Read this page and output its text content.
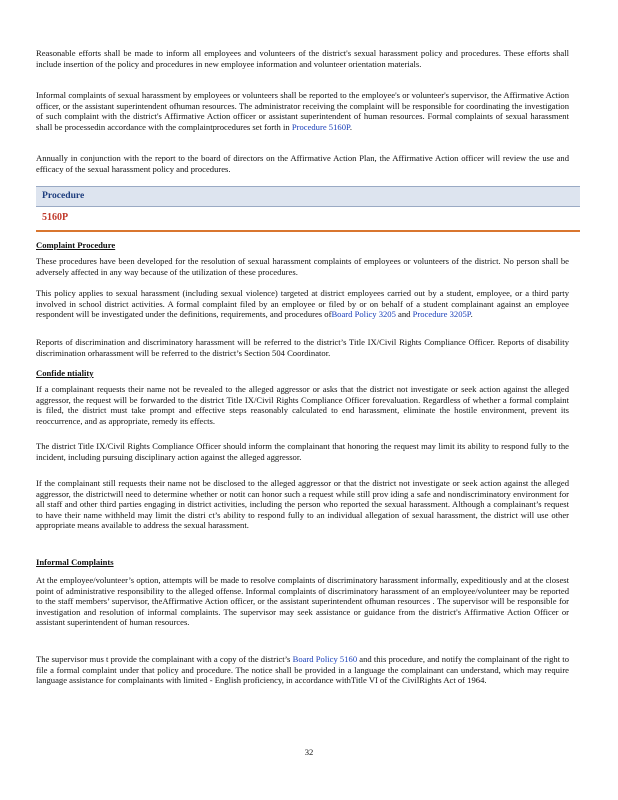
Reasonable efforts shall be made to inform all employees and volunteers of the district's sexual harassment policy and procedures. These efforts shall include insertion of the policy and procedures in new employee information and volunteer orientation materials.

Informal complaints of sexual harassment by employees or volunteers shall be reported to the employee's or volunteer's supervisor, the Affirmative Action officer, or the assistant superintendent ofhuman resources. The administrator receiving the complaint will be responsible for coordinating the investigation of such complaint with the district's Affirmative Action officer or assistant superintendent of human resources. Formal complaints of sexual harassment shall be processedin accordance with the complaintprocedures set forth in Procedure 5160P.

Annually in conjunction with the report to the board of directors on the Affirmative Action Plan, the Affirmative Action officer will review the use and efficacy of the sexual harassment policy and procedures.

Procedure
5160P
Complaint Procedure

These procedures have been developed for the resolution of sexual harassment complaints of employees or volunteers of the district. No person shall be adversely affected in any way because of the utilization of these procedures.

This policy applies to sexual harassment (including sexual violence) targeted at district employees carried out by a student, employee, or a third party involved in school district activities. A formal complaint filed by an employee or filed by or on behalf of a student complainant against an employee respondent will be investigated under the definitions, requirements, and procedures ofBoard Policy 3205 and Procedure 3205P.

Reports of discrimination and discriminatory harassment will be referred to the district’s Title IX/Civil Rights Compliance Officer. Reports of disability discrimination orharassment will be referred to the district’s Section 504 Coordinator.

Confide ntiality

If a complainant requests their name not be revealed to the alleged aggressor or asks that the district not investigate or seek action against the alleged aggressor, the request will be forwarded to the district Title IX/Civil Rights Compliance Officer forevaluation. Regardless of whether a formal complaint is filed, the district must take prompt and effective steps reasonably calculated to end harassment, eliminate the hostile environment, prevent its reoccurrence, and as appropriate, remedy its effects.

The district Title IX/Civil Rights Compliance Officer should inform the complainant that honoring the request may limit its ability to respond fully to the incident, including pursuing disciplinary action against the alleged aggressor.

If the complainant still requests their name not be disclosed to the alleged aggressor or that the district not investigate or seek action against the alleged aggressor, the districtwill need to determine whether or notit can honor such a request while still prov iding a safe and nondiscriminatory environment for all staff and other third parties engaging in district activities, including the person who reported the sexual harassment. Although a complainant’s request to have their name withheld may limit the distri ct’s ability to respond fully to an individual allegation of sexual harassment, the district will use other appropriate means available to address the sexual harassment.

Informal Complaints

At the employee/volunteer’s option, attempts will be made to resolve complaints of discriminatory harassment informally, expeditiously and at the closest point of administrative responsibility to the alleged offense. Informal complaints of discriminatory harassment of an employee/volunteer may be reported to the staff members’ supervisor, theAffirmative Action officer, or the assistant superintendent ofhuman resources . The supervisor will be responsible for investigation and resolution of informal complaints. The supervisor may seek assistance or guidance from the district's Affirmative Action Officer or assistant superintendent of human resources.

The supervisor mus t provide the complainant with a copy of the district’s Board Policy 5160 and this procedure, and notify the complainant of the right to file a formal complaint under that policy and procedure. The notice shall be provided in a language the complainant can understand, which may require language assistance for complainants with limited - English proficiency, in accordance withTitle VI of the CivilRights Act of 1964.

32
